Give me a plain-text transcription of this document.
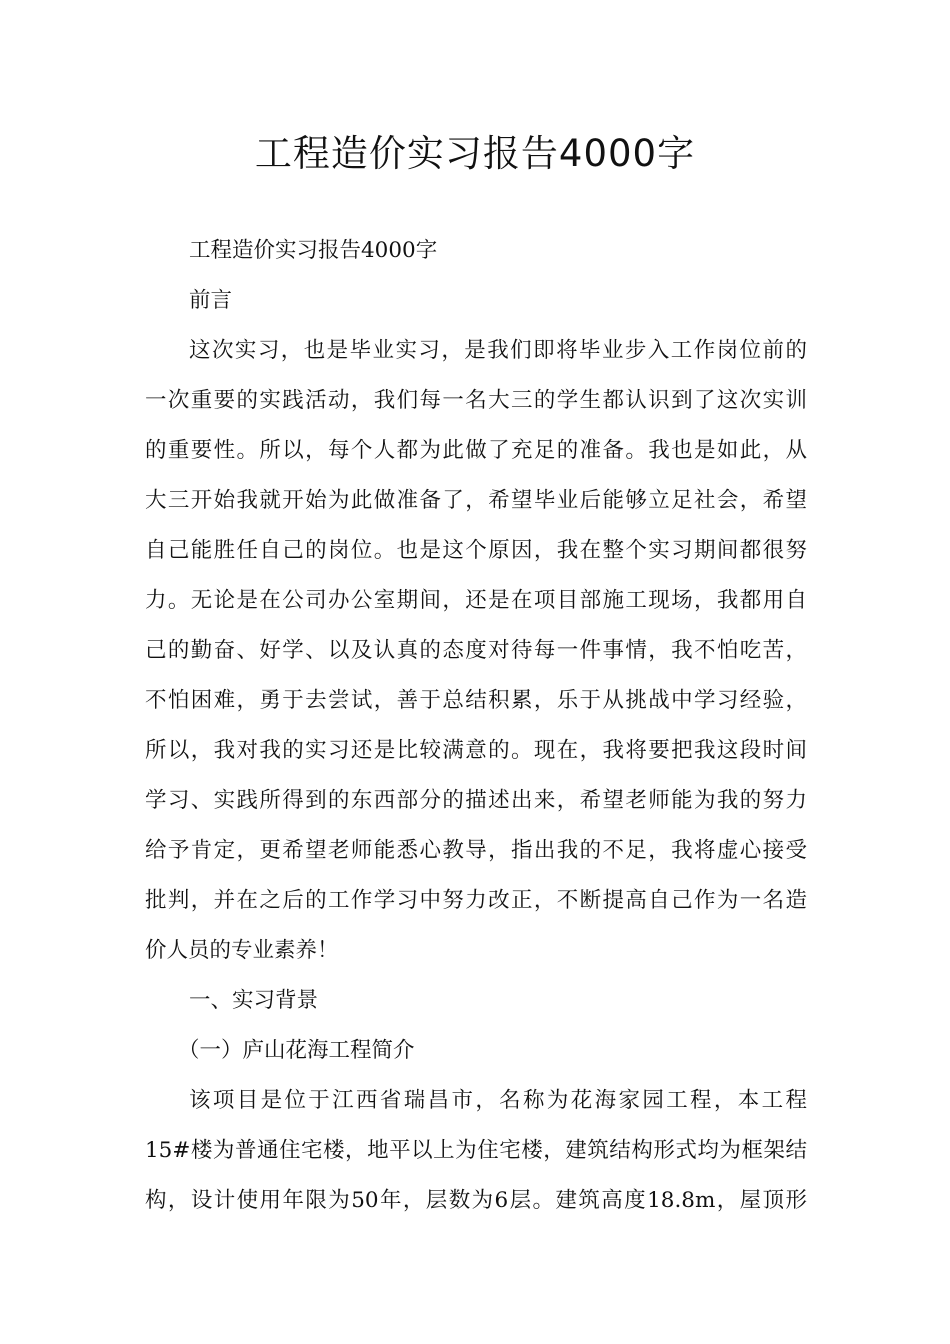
工程造价实习报告4000字
工程造价实习报告4000字
前言
这次实习，也是毕业实习，是我们即将毕业步入工作岗位前的
一次重要的实践活动，我们每一名大三的学生都认识到了这次实训
的重要性。所以，每个人都为此做了充足的准备。我也是如此，从
大三开始我就开始为此做准备了，希望毕业后能够立足社会，希望
自己能胜任自己的岗位。也是这个原因，我在整个实习期间都很努
力。无论是在公司办公室期间，还是在项目部施工现场，我都用自
己的勤奋、好学、以及认真的态度对待每一件事情，我不怕吃苦，
不怕困难，勇于去尝试，善于总结积累，乐于从挑战中学习经验，
所以，我对我的实习还是比较满意的。现在，我将要把我这段时间
学习、实践所得到的东西部分的描述出来，希望老师能为我的努力
给予肯定，更希望老师能悉心教导，指出我的不足，我将虚心接受
批判，并在之后的工作学习中努力改正，不断提高自己作为一名造
价人员的专业素养！
一、实习背景
（一）庐山花海工程简介
该项目是位于江西省瑞昌市，名称为花海家园工程，本工程
15#楼为普通住宅楼，地平以上为住宅楼，建筑结构形式均为框架结
构，设计使用年限为50年，层数为6层。建筑高度18.8m，屋顶形
